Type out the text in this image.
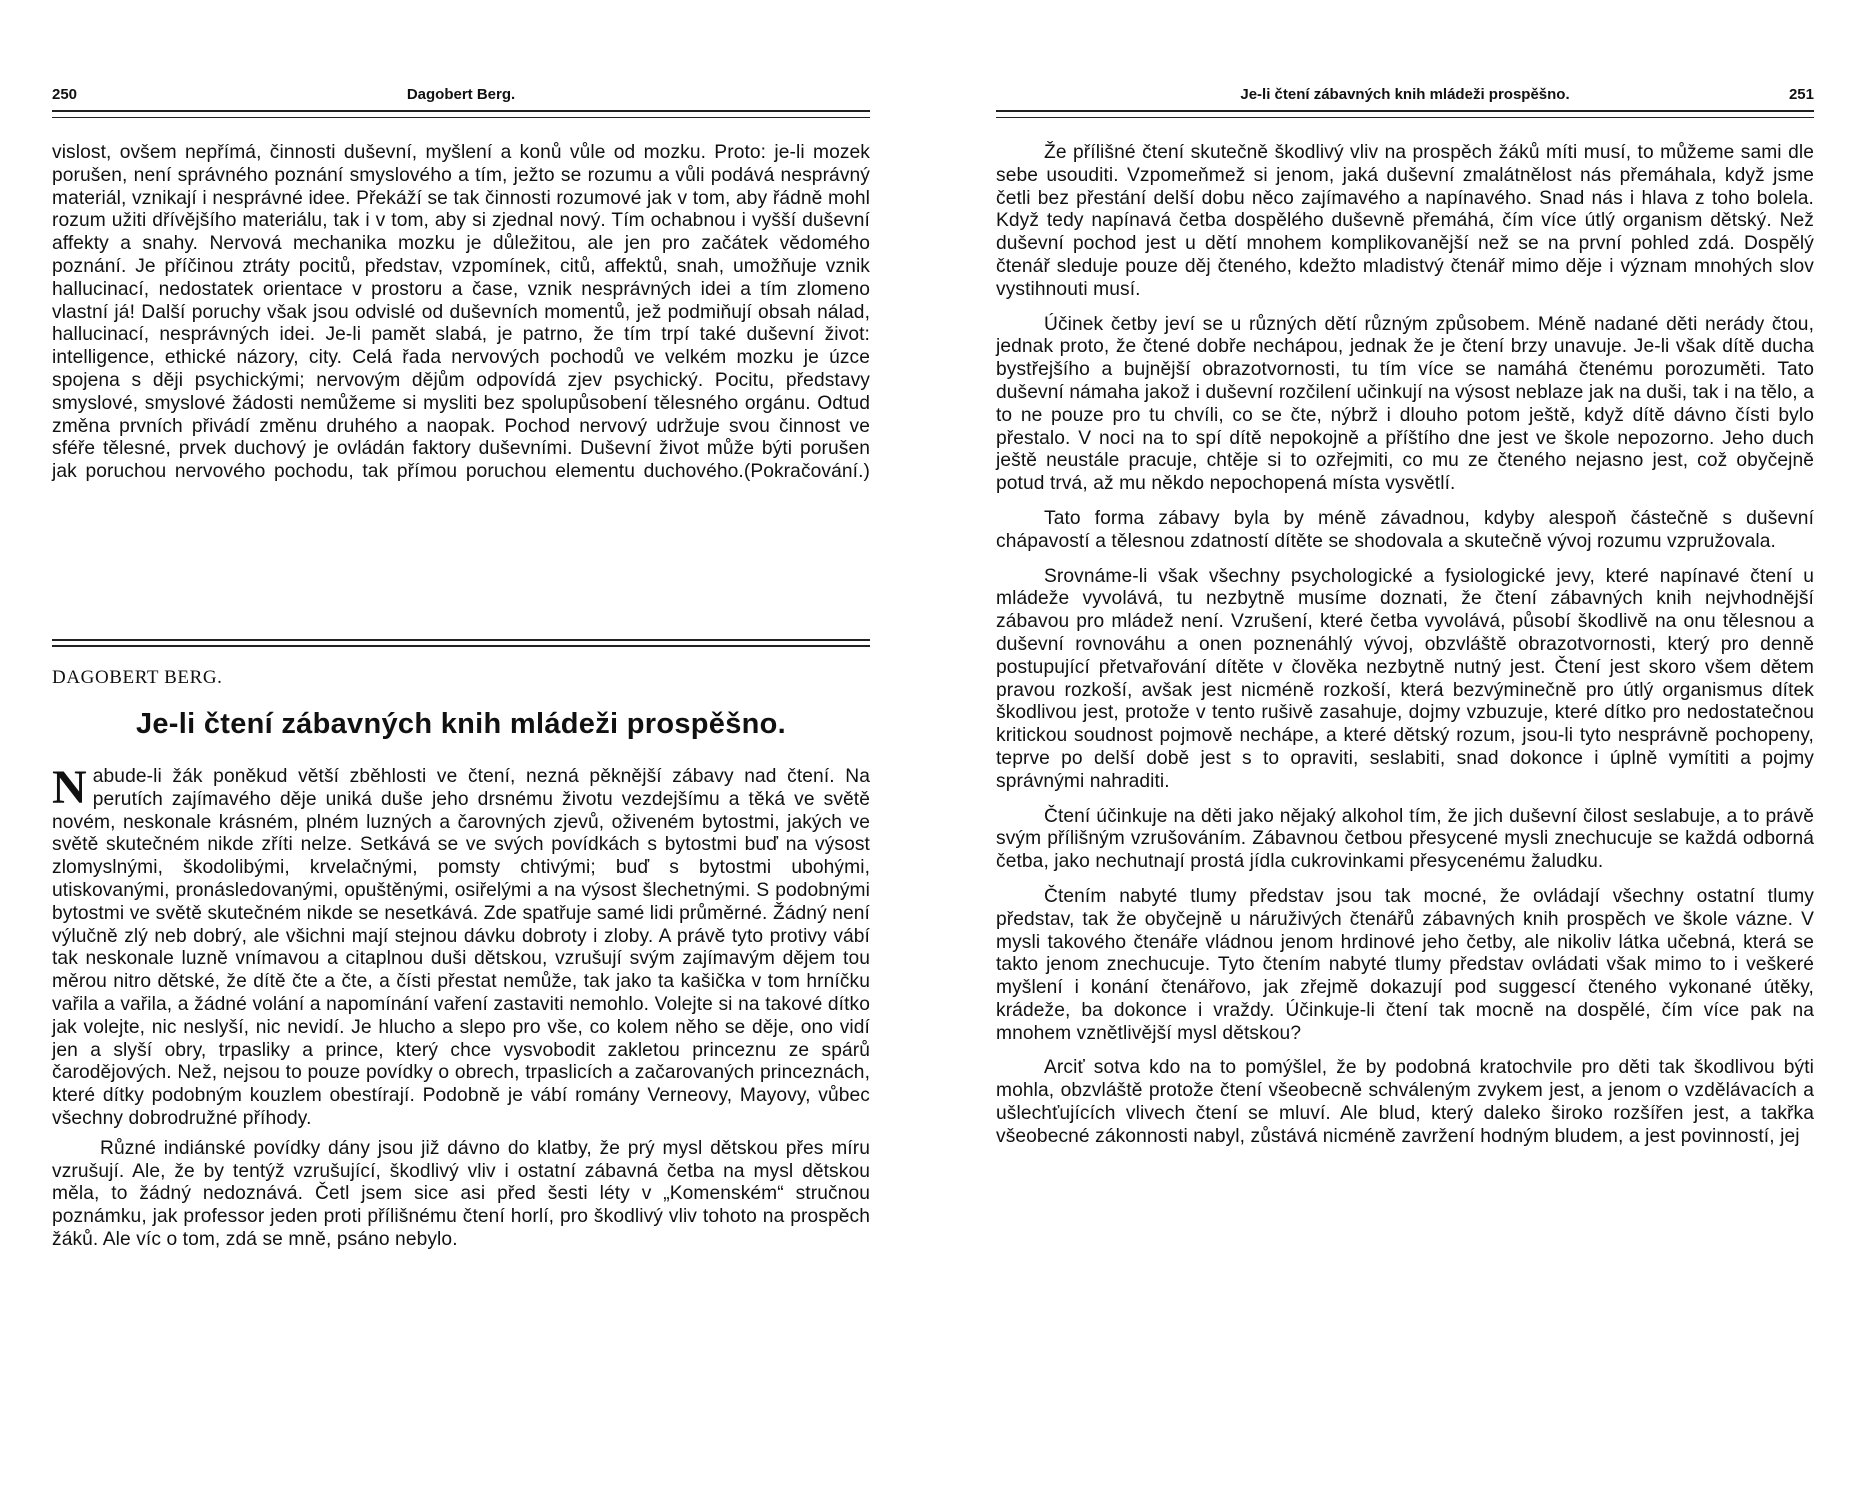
250	Dagobert Berg.

vislost, ovšem nepřímá, činnosti duševní, myšlení a konů vůle od mozku. Proto: je-li mozek porušen, není správného poznání smyslového a tím, ježto se rozumu a vůli podává nesprávný materiál, vznikají i nesprávné idee. Překáží se tak činnosti rozumové jak v tom, aby řádně mohl rozum užiti dřívějšího materiálu, tak i v tom, aby si zjednal nový. Tím ochabnou i vyšší duševní affekty a snahy. Nervová mechanika mozku je důležitou, ale jen pro začátek vědomého poznání. Je příčinou ztráty pocitů, představ, vzpomínek, citů, affektů, snah, umožňuje vznik hallucinací, nedostatek orientace v prostoru a čase, vznik nesprávných idei a tím zlomeno vlastní já! Další poruchy však jsou odvislé od duševních momentů, jež podmiňují obsah nálad, hallucinací, nesprávných idei. Je-li pamět slabá, je patrno, že tím trpí také duševní život: intelligence, ethické názory, city. Celá řada nervových pochodů ve velkém mozku je úzce spojena s ději psychickými; nervovým dějům odpovídá zjev psychický. Pocitu, představy smyslové, smyslové žádosti nemůžeme si mysliti bez spolupůsobení tělesného orgánu. Odtud změna prvních přivádí změnu druhého a naopak. Pochod nervový udržuje svou činnost ve sféře tělesné, prvek duchový je ovládán faktory duševními. Duševní život může býti porušen jak poruchou nervového pochodu, tak přímou poruchou elementu duchového. (Pokračování.)

DAGOBERT BERG.
Je-li čtení zábavných knih mládeži prospěšno.

Nabude-li žák poněkud větší zběhlosti ve čtení, nezná pěknější zábavy nad čtení. Na perutích zajímavého děje uniká duše jeho drsnému životu vezdejšímu a těká ve světě novém, neskonale krásném, plném luzných a čarovných zjevů, oživeném bytostmi, jakých ve světě skutečném nikde zříti nelze. Setkává se ve svých povídkách s bytostmi buď na výsost zlomyslnými, škodolibými, krvelačnými, pomsty chtivými; buď s bytostmi ubohými, utiskovanými, pronásledovanými, opuštěnými, osiřelými a na výsost šlechetnými. S podobnými bytostmi ve světě skutečném nikde se nesetkává. Zde spatřuje samé lidi průměrné. Žádný není výlučně zlý neb dobrý, ale všichni mají stejnou dávku dobroty i zloby. A právě tyto protivy vábí tak neskonale luzně vnímavou a citaplnou duši dětskou, vzrušují svým zajímavým dějem tou měrou nitro dětské, že dítě čte a čte, a čísti přestat nemůže, tak jako ta kašička v tom hrníčku vařila a vařila, a žádné volání a napomínání vaření zastaviti nemohlo. Volejte si na takové dítko jak volejte, nic neslyší, nic nevidí. Je hlucho a slepo pro vše, co kolem něho se děje, ono vidí jen a slyší obry, trpasliky a prince, který chce vysvobodit zakletou princeznu ze spárů čarodějových. Než, nejsou to pouze povídky o obrech, trpaslicích a začarovaných princeznách, které dítky podobným kouzlem obestírají. Podobně je vábí romány Verneovy, Mayovy, vůbec všechny dobrodružné příhody.

Různé indiánské povídky dány jsou již dávno do klatby, že prý mysl dětskou přes míru vzrušují. Ale, že by tentýž vzrušující, škodlivý vliv i ostatní zábavná četba na mysl dětskou měla, to žádný nedoznává. Četl jsem sice asi před šesti léty v „Komenském“ stručnou poznámku, jak professor jeden proti přílišnému čtení horlí, pro škodlivý vliv tohoto na prospěch žáků. Ale víc o tom, zdá se mně, psáno nebylo.

Je-li čtení zábavných knih mládeži prospěšno.	251

Že přílišné čtení skutečně škodlivý vliv na prospěch žáků míti musí, to můžeme sami dle sebe usouditi. Vzpomeňmež si jenom, jaká duševní zmalátnělost nás přemáhala, když jsme četli bez přestání delší dobu něco zajímavého a napínavého. Snad nás i hlava z toho bolela. Když tedy napínavá četba dospělého duševně přemáhá, čím více útlý organism dětský. Než duševní pochod jest u dětí mnohem komplikovanější než se na první pohled zdá. Dospělý čtenář sleduje pouze děj čteného, kdežto mladistvý čtenář mimo děje i význam mnohých slov vystihnouti musí.

Účinek četby jeví se u různých dětí různým způsobem. Méně nadané děti nerády čtou, jednak proto, že čtené dobře nechápou, jednak že je čtení brzy unavuje. Je-li však dítě ducha bystřejšího a bujnější obrazotvornosti, tu tím více se namáhá čtenému porozuměti. Tato duševní námaha jakož i duševní rozčilení učinkují na výsost neblaze jak na duši, tak i na tělo, a to ne pouze pro tu chvíli, co se čte, nýbrž i dlouho potom ještě, když dítě dávno čísti bylo přestalo. V noci na to spí dítě nepokojně a příštího dne jest ve škole nepozorno. Jeho duch ještě neustále pracuje, chtěje si to ozřejmiti, co mu ze čteného nejasno jest, což obyčejně potud trvá, až mu někdo nepochopená místa vysvětlí.

Tato forma zábavy byla by méně závadnou, kdyby alespoň částečně s duševní chápavostí a tělesnou zdatností dítěte se shodovala a skutečně vývoj rozumu vzpružovala.

Srovnáme-li však všechny psychologické a fysiologické jevy, které napínavé čtení u mládeže vyvolává, tu nezbytně musíme doznati, že čtení zábavných knih nejvhodnější zábavou pro mládež není. Vzrušení, které četba vyvolává, působí škodlivě na onu tělesnou a duševní rovnováhu a onen poznenáhlý vývoj, obzvláště obrazotvornosti, který pro denně postupující přetvařování dítěte v člověka nezbytně nutný jest. Čtení jest skoro všem dětem pravou rozkoší, avšak jest nicméně rozkoší, která bezvýminečně pro útlý organismus dítek škodlivou jest, protože v tento rušivě zasahuje, dojmy vzbuzuje, které dítko pro nedostatečnou kritickou soudnost pojmově nechápe, a které dětský rozum, jsou-li tyto nesprávně pochopeny, teprve po delší době jest s to opraviti, seslabiti, snad dokonce i úplně vymítiti a pojmy správnými nahraditi.

Čtení účinkuje na děti jako nějaký alkohol tím, že jich duševní čilost seslabuje, a to právě svým přílišným vzrušováním. Zábavnou četbou přesycené mysli znechucuje se každá odborná četba, jako nechutnají prostá jídla cukrovinkami přesycenému žaludku.

Čtením nabyté tlumy představ jsou tak mocné, že ovládají všechny ostatní tlumy představ, tak že obyčejně u náruživých čtenářů zábavných knih prospěch ve škole vázne. V mysli takového čtenáře vládnou jenom hrdinové jeho četby, ale nikoliv látka učebná, která se takto jenom znechucuje. Tyto čtením nabyté tlumy představ ovládati však mimo to i veškeré myšlení i konání čtenářovo, jak zřejmě dokazují pod suggescí čteného vykonané útěky, krádeže, ba dokonce i vraždy. Účinkuje-li čtení tak mocně na dospělé, čím více pak na mnohem vznětlivější mysl dětskou?

Arciť sotva kdo na to pomýšlel, že by podobná kratochvile pro děti tak škodlivou býti mohla, obzvláště protože čtení všeobecně schváleným zvykem jest, a jenom o vzdělávacích a ušlechťujících vlivech čtení se mluví. Ale blud, který daleko široko rozšířen jest, a takřka všeobecné zákonnosti nabyl, zůstává nicméně zavržení hodným bludem, a jest povinností, jej
